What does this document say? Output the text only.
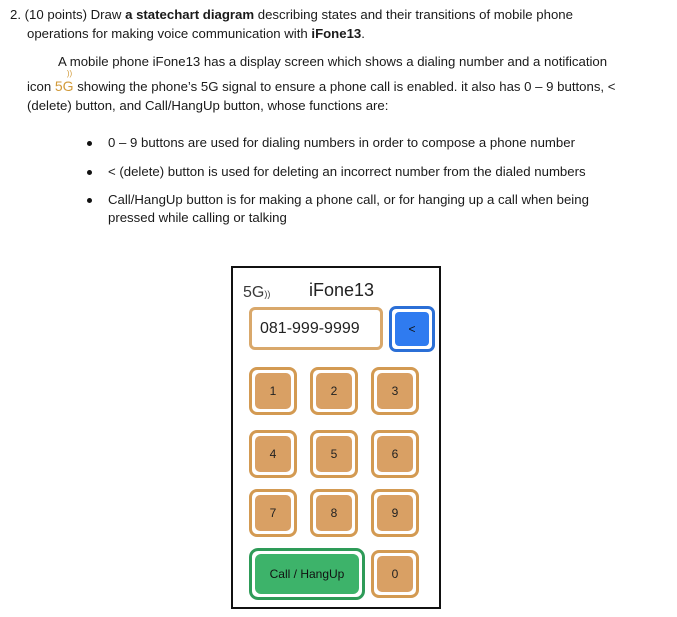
2. (10 points) Draw a statechart diagram describing states and their transitions of mobile phone
operations for making voice communication with iFone13.
A mobile phone iFone13 has a display screen which shows a dialing number and a notification
icon 5G
))
showing the phone’s 5G signal to ensure a phone call is enabled. it also has 0 – 9 buttons, <
(delete) button, and Call/HangUp button, whose functions are:
0 – 9 buttons are used for dialing numbers in order to compose a phone number
< (delete) button is used for deleting an incorrect number from the dialed numbers
Call/HangUp button is for making a phone call, or for hanging up a call when being
pressed while calling or talking
5G)) iFone13
081-999-9999	<
1	2	3
4	5	6
7	8	9
Call / HangUp	0
